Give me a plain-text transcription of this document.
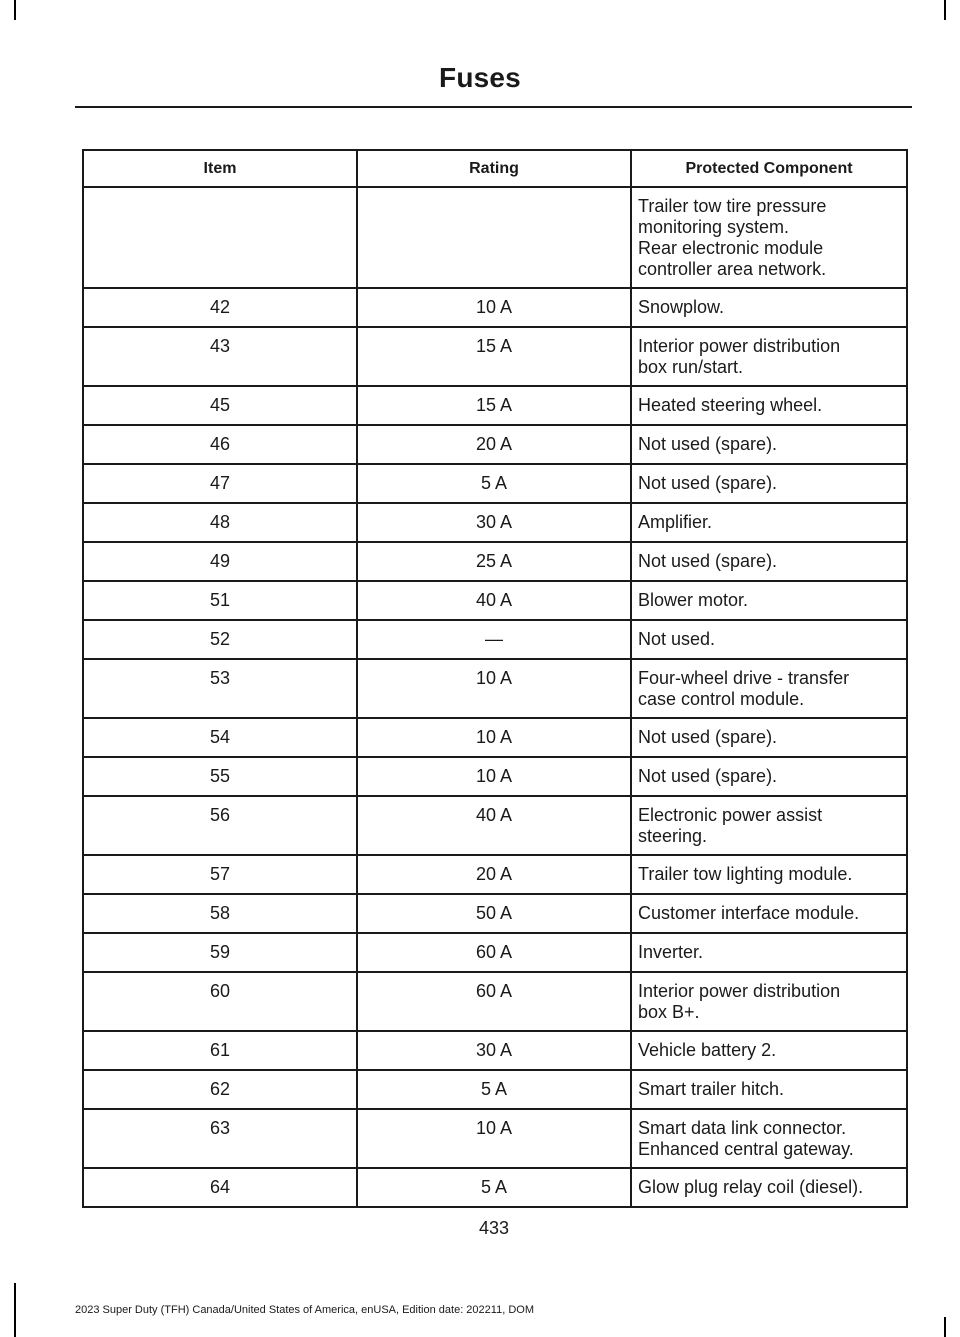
Fuses
Item	Rating	Protected Component

		Trailer tow tire pressure
monitoring system.
Rear electronic module
controller area network.

42	10 A	Snowplow.

43	15 A	Interior power distribution
box run/start.

45	15 A	Heated steering wheel.

46	20 A	Not used (spare).

47	5 A	Not used (spare).

48	30 A	Amplifier.

49	25 A	Not used (spare).

51	40 A	Blower motor.

52	—	Not used.

53	10 A	Four-wheel drive - transfer
case control module.

54	10 A	Not used (spare).

55	10 A	Not used (spare).

56	40 A	Electronic power assist
steering.

57	20 A	Trailer tow lighting module.

58	50 A	Customer interface module.

59	60 A	Inverter.

60	60 A	Interior power distribution
box B+.

61	30 A	Vehicle battery 2.

62	5 A	Smart trailer hitch.

63	10 A	Smart data link connector.
Enhanced central gateway.

64	5 A	Glow plug relay coil (diesel).
433
2023 Super Duty (TFH) Canada/United States of America, enUSA, Edition date: 202211, DOM
